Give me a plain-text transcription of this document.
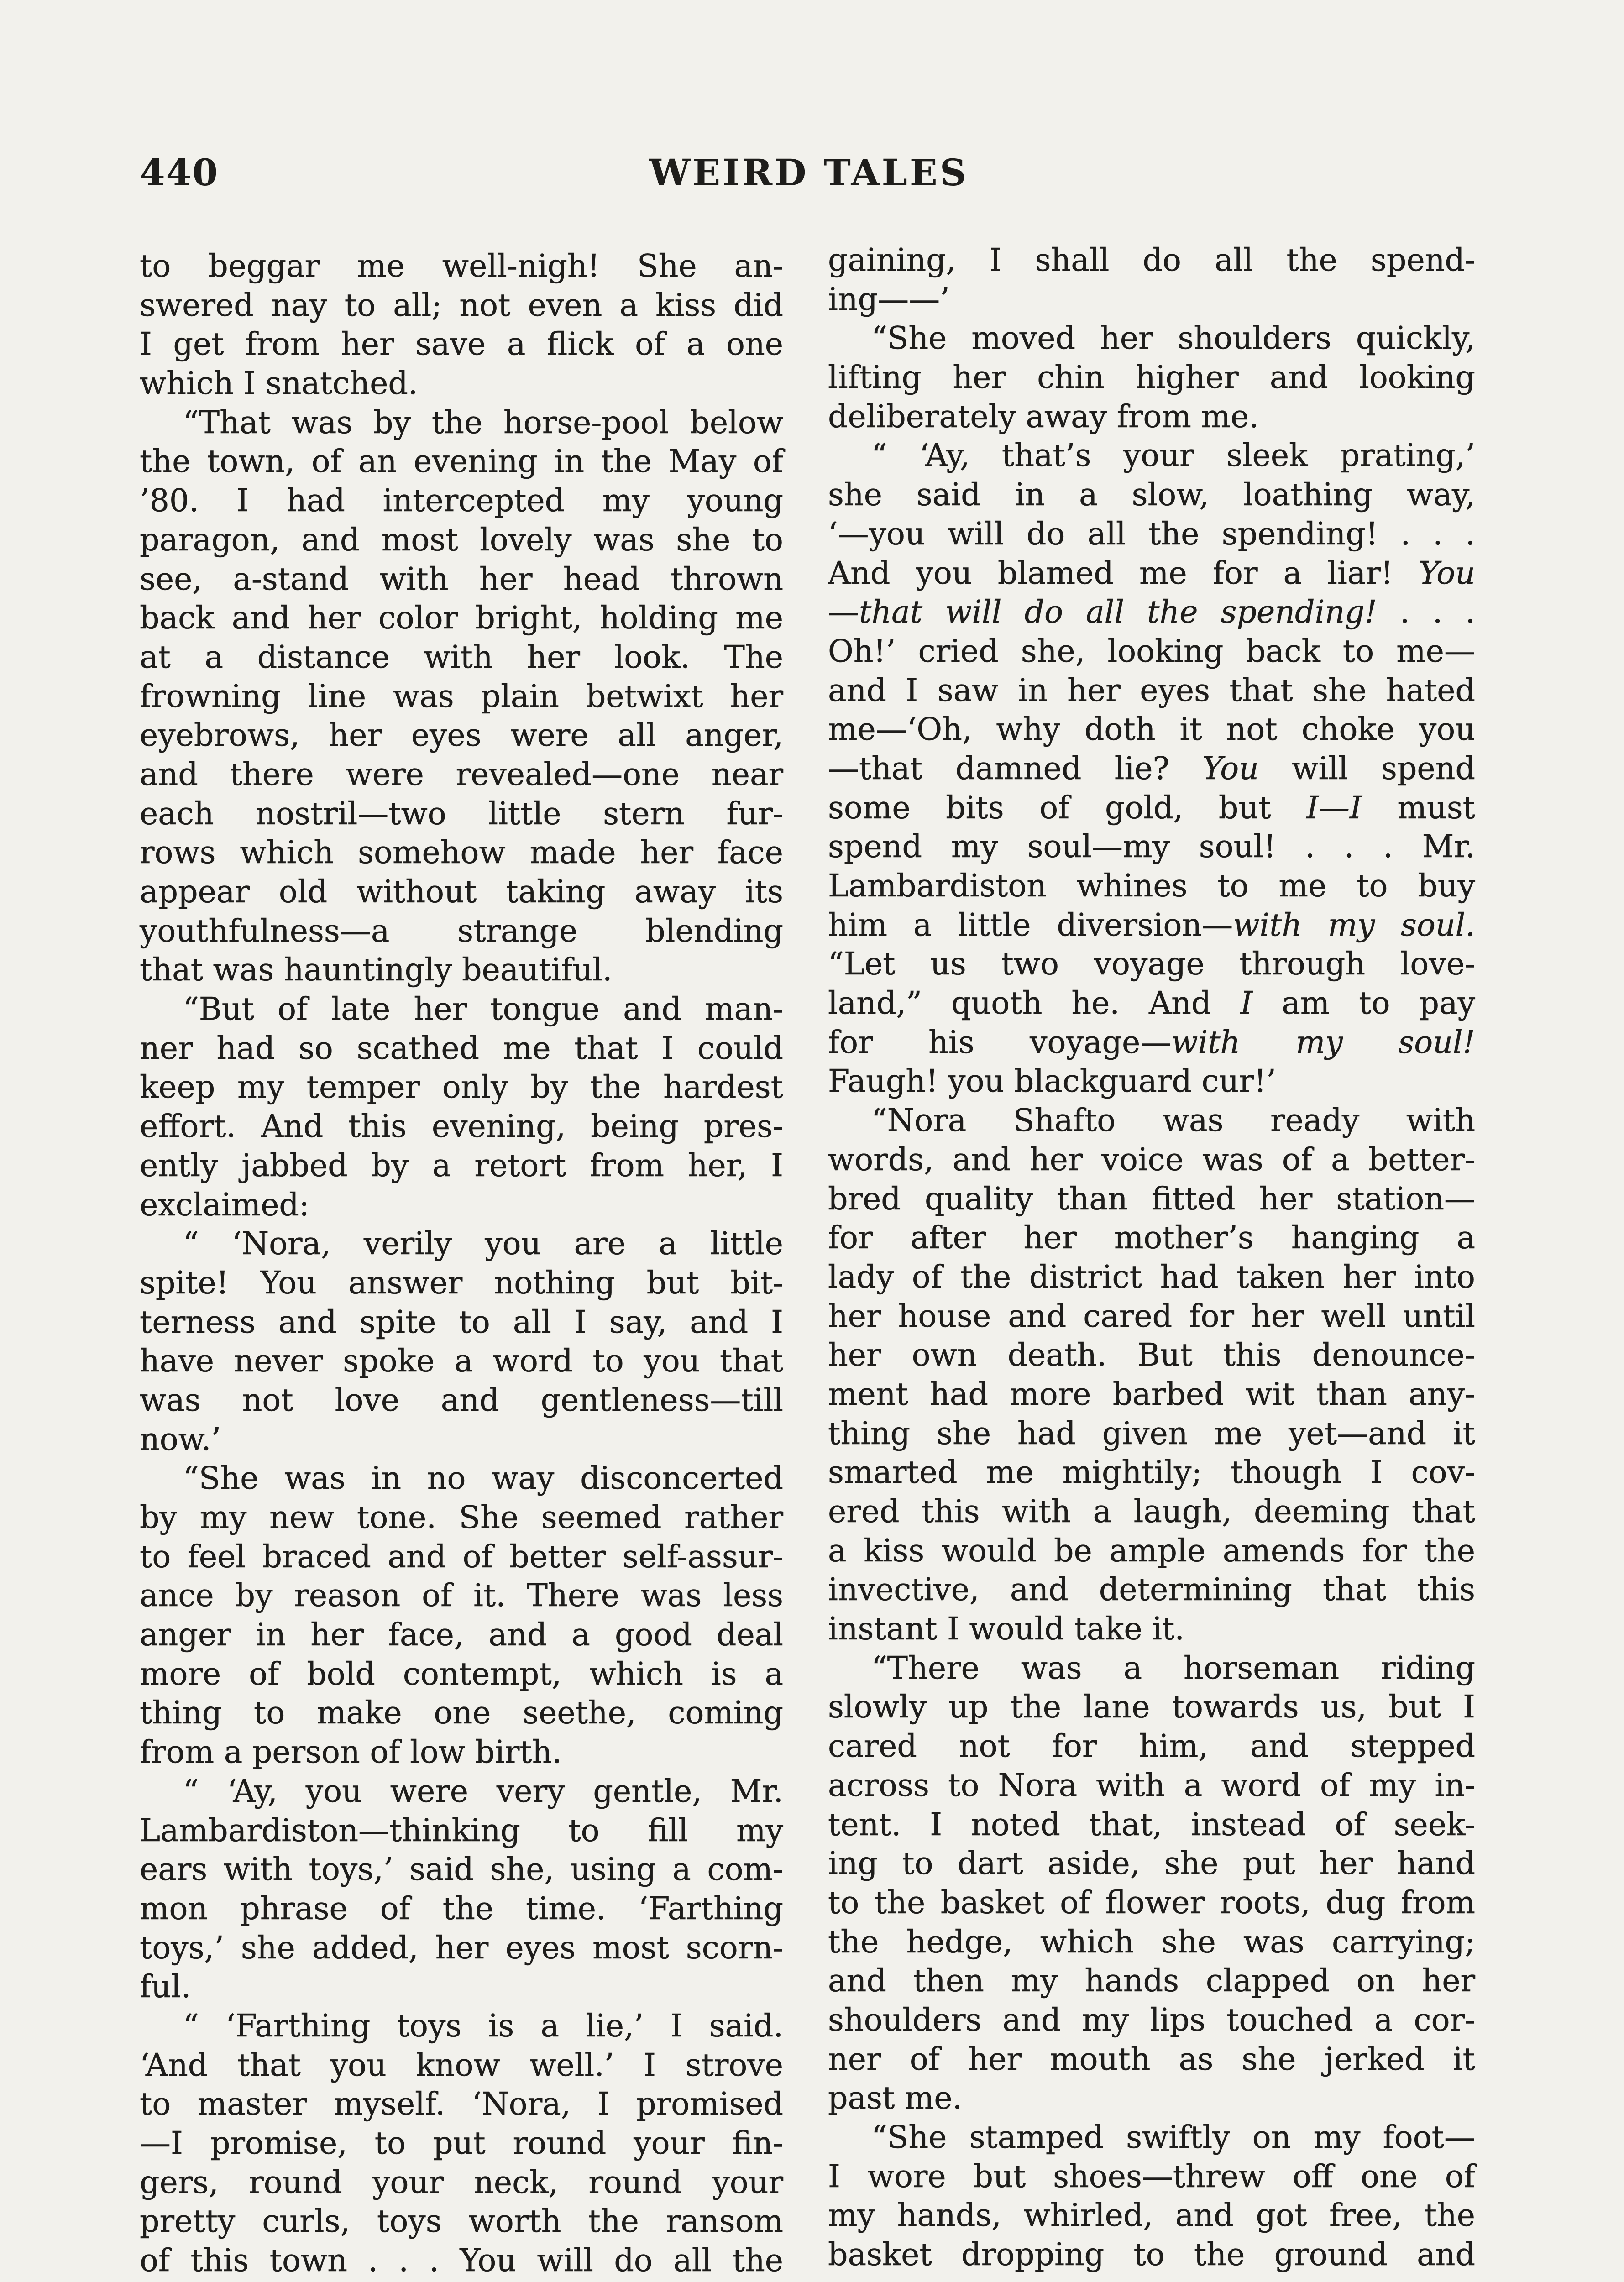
440	WEIRD TALES
to beggar me well-nigh! She an-
swered nay to all; not even a kiss did
I get from her save a flick of a one
which I snatched.
“That was by the horse-pool below
the town, of an evening in the May of
’80. I had intercepted my young
paragon, and most lovely was she to
see, a-stand with her head thrown
back and her color bright, holding me
at a distance with her look. The
frowning line was plain betwixt her
eyebrows, her eyes were all anger,
and there were revealed—one near
each nostril—two little stern fur-
rows which somehow made her face
appear old without taking away its
youthfulness—a strange blending
that was hauntingly beautiful.
“But of late her tongue and man-
ner had so scathed me that I could
keep my temper only by the hardest
effort. And this evening, being pres-
ently jabbed by a retort from her, I
exclaimed:
“ ‘Nora, verily you are a little
spite! You answer nothing but bit-
terness and spite to all I say, and I
have never spoke a word to you that
was not love and gentleness—till
now.’
“She was in no way disconcerted
by my new tone. She seemed rather
to feel braced and of better self-assur-
ance by reason of it. There was less
anger in her face, and a good deal
more of bold contempt, which is a
thing to make one seethe, coming
from a person of low birth.
“ ‘Ay, you were very gentle, Mr.
Lambardiston—thinking to fill my
ears with toys,’ said she, using a com-
mon phrase of the time. ‘Farthing
toys,’ she added, her eyes most scorn-
ful.
“ ‘Farthing toys is a lie,’ I said.
‘And that you know well.’ I strove
to master myself. ‘Nora, I promised
—I promise, to put round your fin-
gers, round your neck, round your
pretty curls, toys worth the ransom
of this town . . . You will do all the
gaining, I shall do all the spend-
ing——’
“She moved her shoulders quickly,
lifting her chin higher and looking
deliberately away from me.
“ ‘Ay, that’s your sleek prating,’
she said in a slow, loathing way,
‘—you will do all the spending! . . .
And you blamed me for a liar! You
—that will do all the spending! . . .
Oh!’ cried she, looking back to me—
and I saw in her eyes that she hated
me—‘Oh, why doth it not choke you
—that damned lie? You will spend
some bits of gold, but I—I must
spend my soul—my soul! . . . Mr.
Lambardiston whines to me to buy
him a little diversion—with my soul.
“Let us two voyage through love-
land,” quoth he. And I am to pay
for his voyage—with my soul!
Faugh! you blackguard cur!’
“Nora Shafto was ready with
words, and her voice was of a better-
bred quality than fitted her station—
for after her mother’s hanging a
lady of the district had taken her into
her house and cared for her well until
her own death. But this denounce-
ment had more barbed wit than any-
thing she had given me yet—and it
smarted me mightily; though I cov-
ered this with a laugh, deeming that
a kiss would be ample amends for the
invective, and determining that this
instant I would take it.
“There was a horseman riding
slowly up the lane towards us, but I
cared not for him, and stepped
across to Nora with a word of my in-
tent. I noted that, instead of seek-
ing to dart aside, she put her hand
to the basket of flower roots, dug from
the hedge, which she was carrying;
and then my hands clapped on her
shoulders and my lips touched a cor-
ner of her mouth as she jerked it
past me.
“She stamped swiftly on my foot—
I wore but shoes—threw off one of
my hands, whirled, and got free, the
basket dropping to the ground and
